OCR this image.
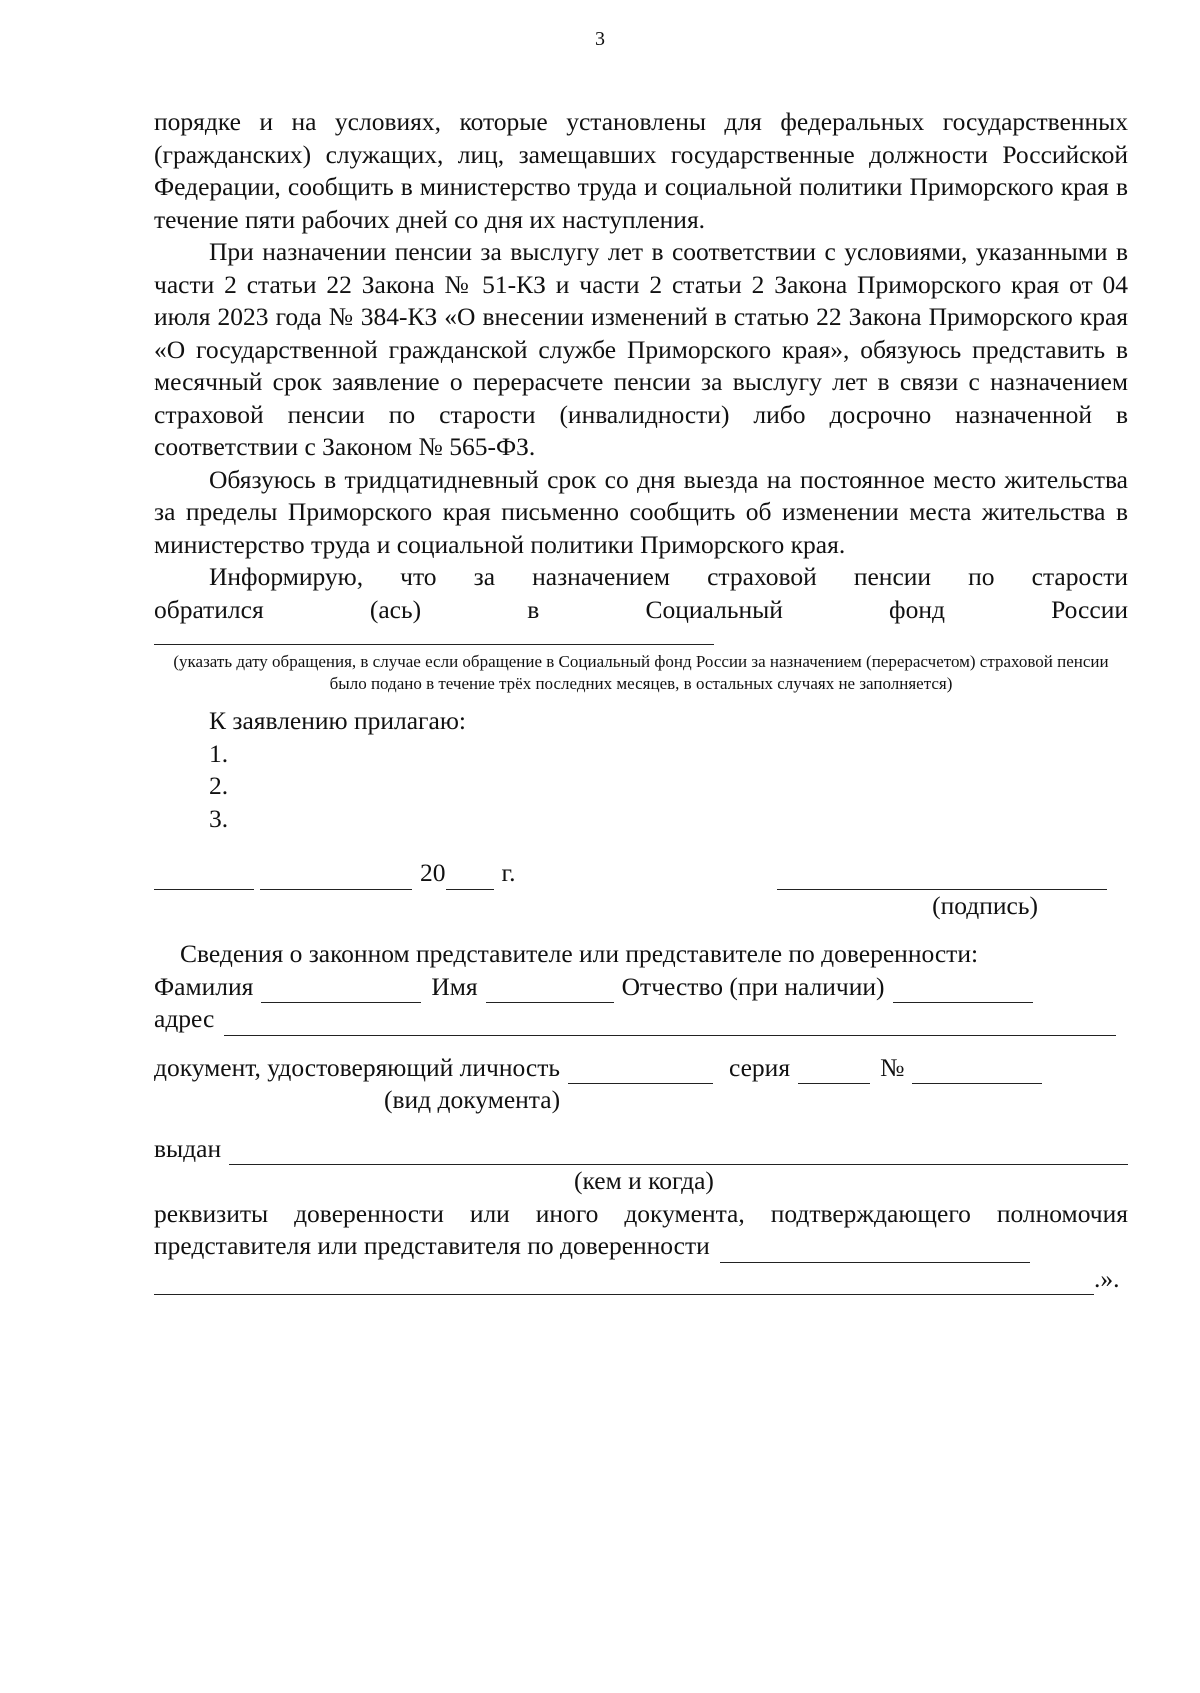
3

порядке и на условиях, которые установлены для федеральных государственных (гражданских) служащих, лиц, замещавших государственные должности Российской Федерации, сообщить в министерство труда и социальной политики Приморского края в течение пяти рабочих дней со дня их наступления.

При назначении пенсии за выслугу лет в соответствии с условиями, указанными в части 2 статьи 22 Закона № 51-КЗ и части 2 статьи 2 Закона Приморского края от 04 июля 2023 года № 384-КЗ «О внесении изменений в статью 22 Закона Приморского края «О государственной гражданской службе Приморского края», обязуюсь представить в месячный срок заявление о перерасчете пенсии за выслугу лет в связи с назначением страховой пенсии по старости (инвалидности) либо досрочно назначенной в соответствии с Законом № 565-ФЗ.

Обязуюсь в тридцатидневный срок со дня выезда на постоянное место жительства за пределы Приморского края письменно сообщить об изменении места жительства в министерство труда и социальной политики Приморского края.

Информирую, что за назначением страховой пенсии по старости

обратился (ась) в Социальный фонд России

(указать дату обращения, в случае если обращение в Социальный фонд России за назначением (перерасчетом) страховой пенсии было подано в течение трёх последних месяцев, в остальных случаях не заполняется)
К заявлению прилагаю:
1.
2.
3.
20 г.
(подпись)
Сведения о законном представителе или представителе по доверенности:
Фамилия	Имя	Отчество (при наличии)
адрес
документ, удостоверяющий личность	серия	№
(вид документа)
выдан
(кем и когда)
реквизиты доверенности или иного документа, подтверждающего полномочия
представителя или представителя по доверенности
.».
